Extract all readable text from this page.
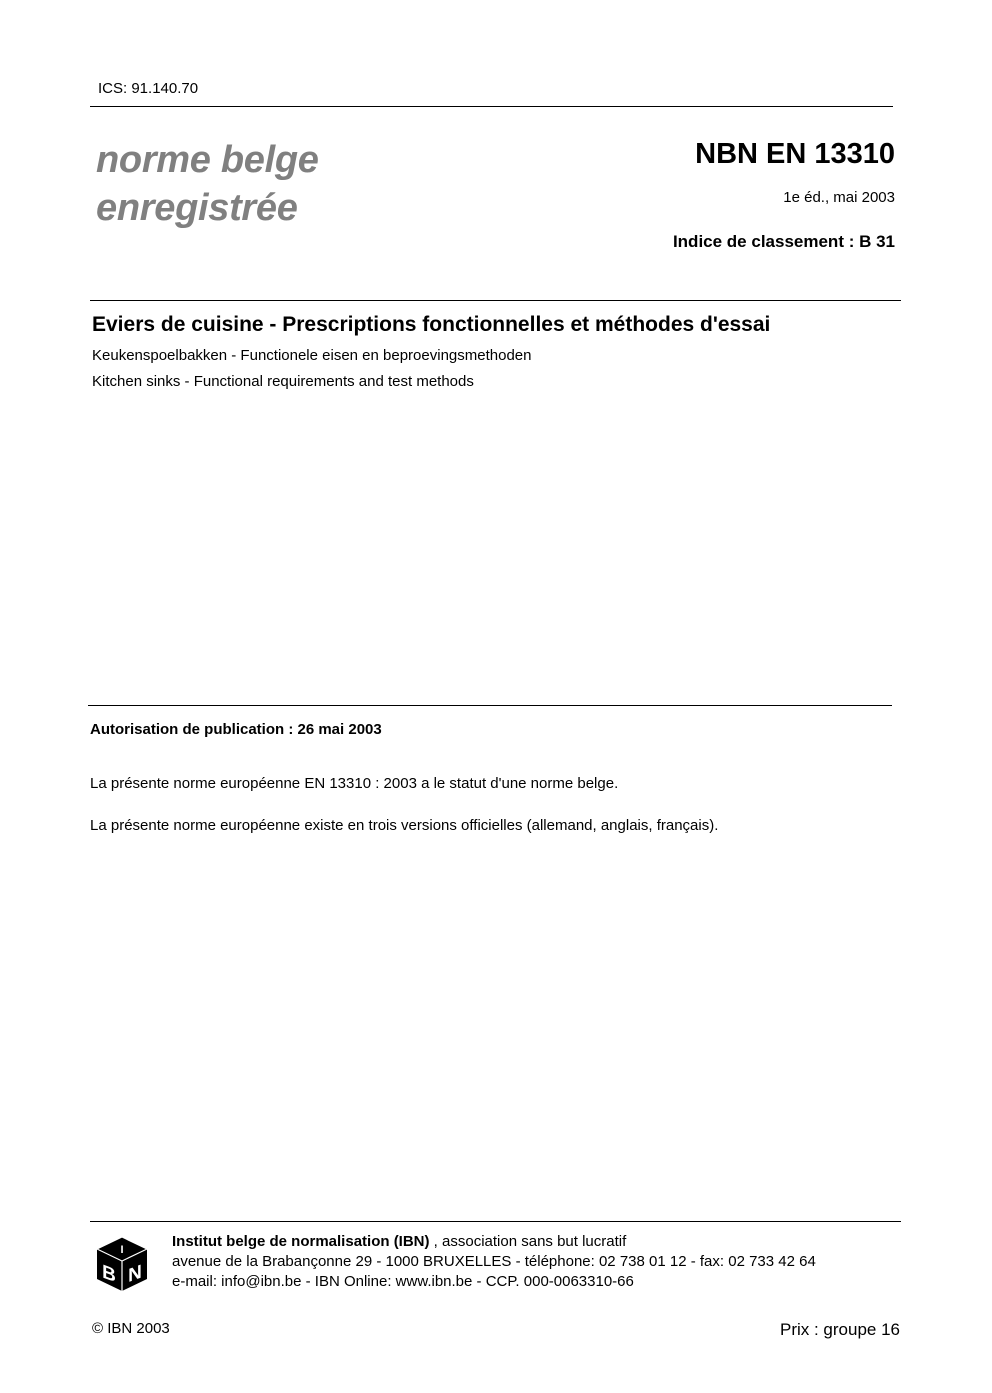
ICS: 91.140.70
norme belge
enregistrée
NBN EN 13310
1e éd., mai 2003
Indice de classement : B 31
Eviers de cuisine - Prescriptions fonctionnelles et méthodes d'essai
Keukenspoelbakken - Functionele eisen en beproevingsmethoden
Kitchen sinks - Functional requirements and test methods
Autorisation de publication : 26 mai 2003
La présente norme européenne EN 13310 : 2003 a le statut d'une norme belge.
La présente norme européenne existe en trois versions officielles (allemand, anglais, français).
I
B N
Institut belge de normalisation (IBN) , association sans but lucratif
avenue de la Brabançonne 29 - 1000 BRUXELLES - téléphone: 02 738 01 12 - fax: 02 733 42 64
e-mail: info@ibn.be - IBN Online: www.ibn.be - CCP. 000-0063310-66
© IBN 2003	Prix : groupe 16
